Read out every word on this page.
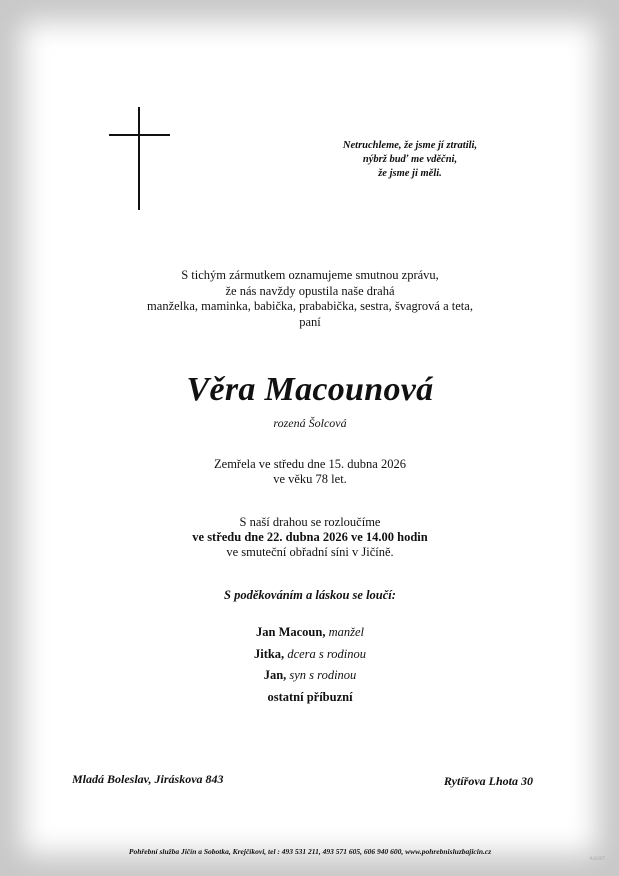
Netruchleme, že jsme jí ztratili,
nýbrž buď me vděčni,
že jsme ji měli.
S tichým zármutkem oznamujeme smutnou zprávu,
že nás navždy opustila naše drahá
manželka, maminka, babička, prababička, sestra, švagrová a teta,
paní
Věra Macounová
rozená Šolcová
Zemřela ve středu dne 15. dubna 2026
ve věku 78 let.
S naší drahou se rozloučíme
ve středu dne 22. dubna 2026 ve 14.00 hodin
ve smuteční obřadní síni v Jičíně.
S poděkováním a láskou se loučí:
Jan Macoun, manžel
Jitka, dcera s rodinou
Jan, syn s rodinou
ostatní příbuzní
Mladá Boleslav, Jiráskova 843	Rytířova Lhota 30
Pohřební služba Jičín a Sobotka, Krejčíkovi, tel : 493 531 211, 493 571 605, 606 940 600, www.pohrebnisluzbajicin.cz
9/4/26T
